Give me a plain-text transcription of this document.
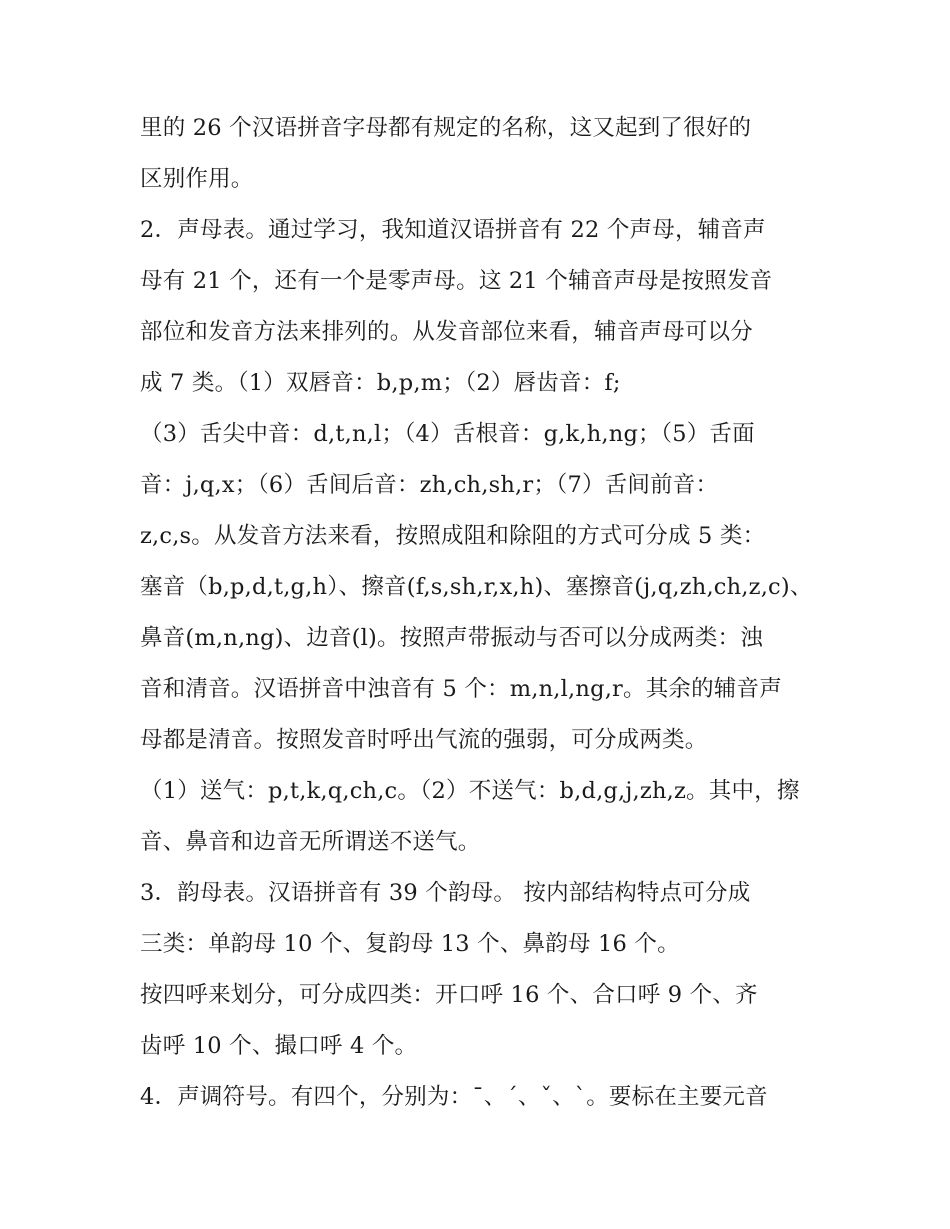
里的 26 个汉语拼音字母都有规定的名称，这又起到了很好的
区别作用。
2．声母表。通过学习，我知道汉语拼音有 22 个声母，辅音声
母有 21 个，还有一个是零声母。这 21 个辅音声母是按照发音
部位和发音方法来排列的。从发音部位来看，辅音声母可以分
成 7 类。（1）双唇音：b,p,m；（2）唇齿音：f;
（3）舌尖中音：d,t,n,l；（4）舌根音：g,k,h,ng；（5）舌面
音：j,q,x；（6）舌间后音：zh,ch,sh,r；（7）舌间前音：
z,c,s。从发音方法来看，按照成阻和除阻的方式可分成 5 类：
塞音（b,p,d,t,g,h）、擦音(f,s,sh,r,x,h)、塞擦音(j,q,zh,ch,z,c)、
鼻音(m,n,ng)、边音(l)。按照声带振动与否可以分成两类：浊
音和清音。汉语拼音中浊音有 5 个：m,n,l,ng,r。其余的辅音声
母都是清音。按照发音时呼出气流的强弱，可分成两类。
（1）送气：p,t,k,q,ch,c。（2）不送气：b,d,g,j,zh,z。其中，擦
音、鼻音和边音无所谓送不送气。
3．韵母表。汉语拼音有 39 个韵母。 按内部结构特点可分成
三类：单韵母 10 个、复韵母 13 个、鼻韵母 16 个。
按四呼来划分，可分成四类：开口呼 16 个、合口呼 9 个、齐
齿呼 10 个、撮口呼 4 个。
4．声调符号。有四个，分别为：ˉ、ˊ、ˇ、ˋ。要标在主要元音
